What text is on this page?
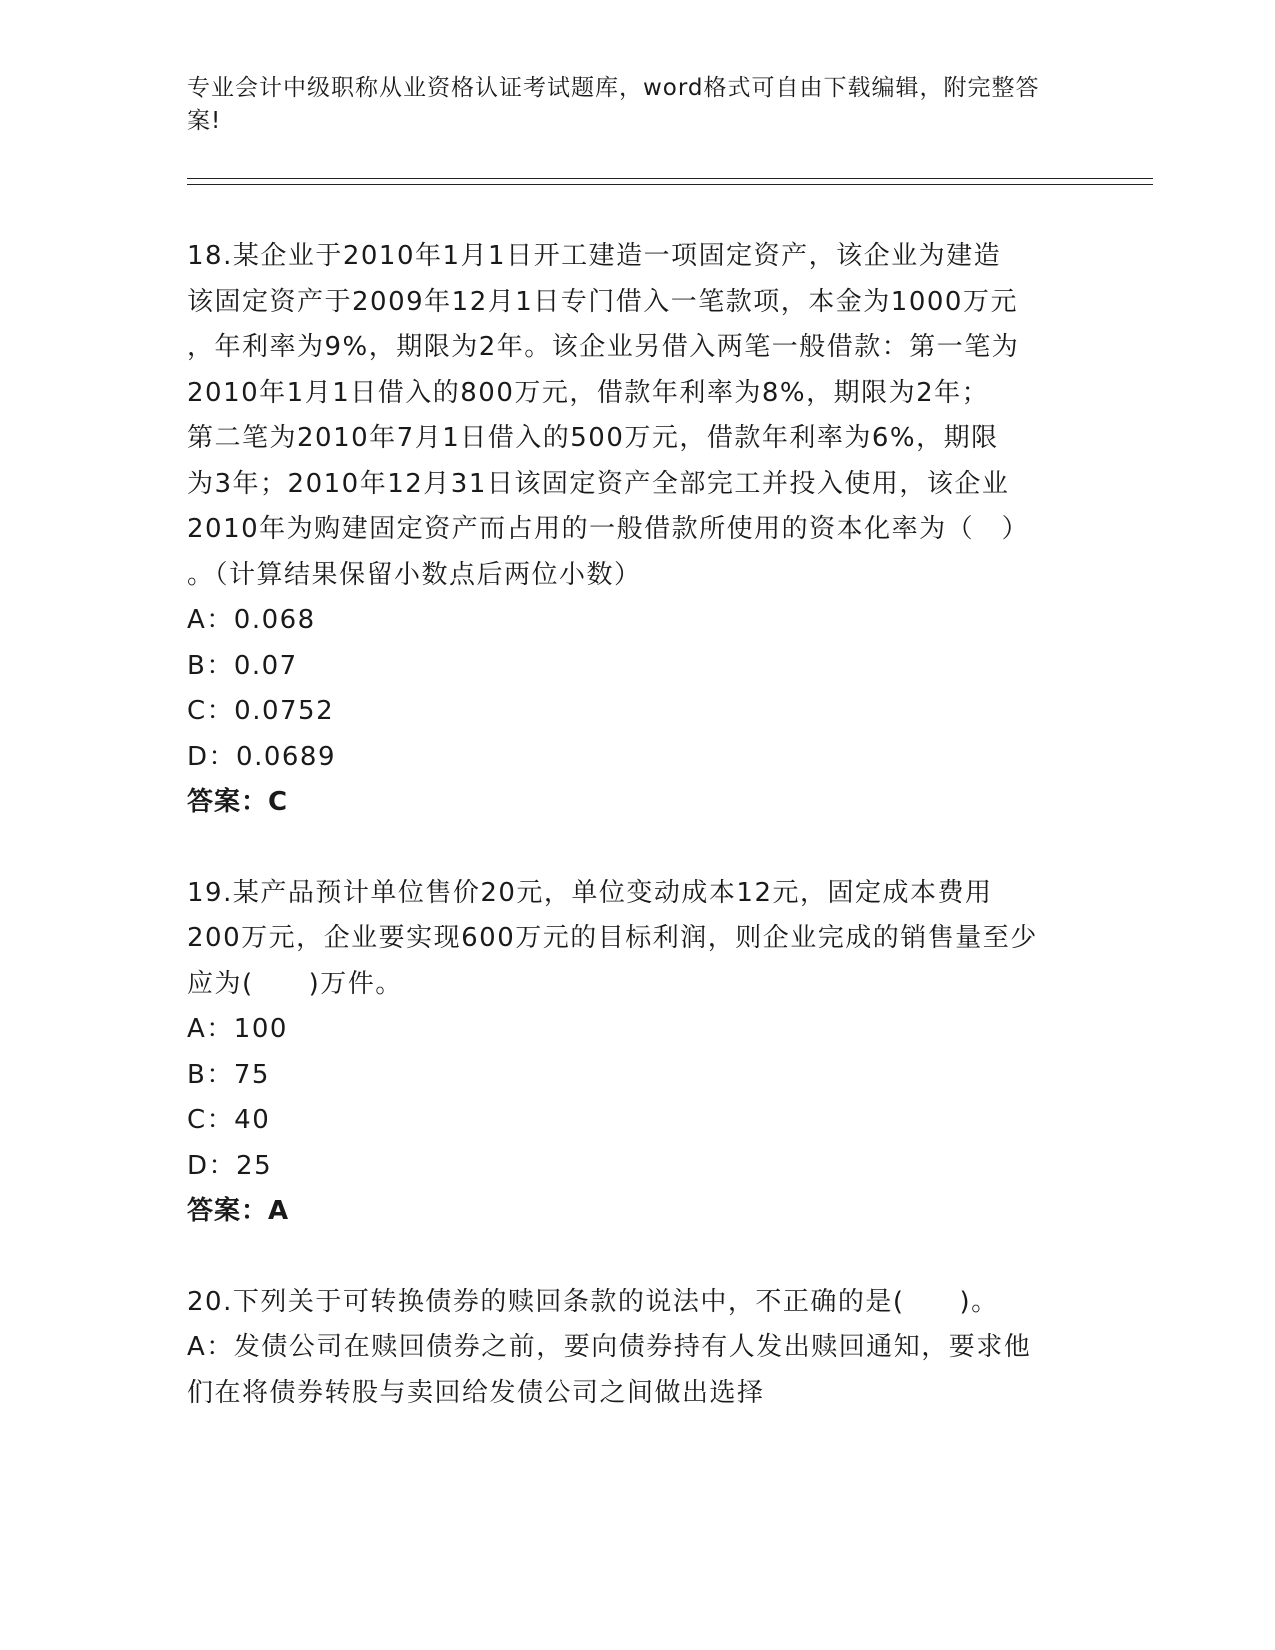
专业会计中级职称从业资格认证考试题库，word格式可自由下载编辑，附完整答
案!
18.某企业于2010年1月1日开工建造一项固定资产，该企业为建造
该固定资产于2009年12月1日专门借入一笔款项，本金为1000万元
，年利率为9%，期限为2年。该企业另借入两笔一般借款：第一笔为
2010年1月1日借入的800万元，借款年利率为8%，期限为2年；
第二笔为2010年7月1日借入的500万元，借款年利率为6%，期限
为3年；2010年12月31日该固定资产全部完工并投入使用，该企业
2010年为购建固定资产而占用的一般借款所使用的资本化率为（　）
。（计算结果保留小数点后两位小数）
A：0.068
B：0.07
C：0.0752
D：0.0689
答案：C
19.某产品预计单位售价20元，单位变动成本12元，固定成本费用
200万元，企业要实现600万元的目标利润，则企业完成的销售量至少
应为(　　)万件。
A：100
B：75
C：40
D：25
答案：A
20.下列关于可转换债券的赎回条款的说法中，不正确的是(　　)。
A：发债公司在赎回债券之前，要向债券持有人发出赎回通知，要求他
们在将债券转股与卖回给发债公司之间做出选择
